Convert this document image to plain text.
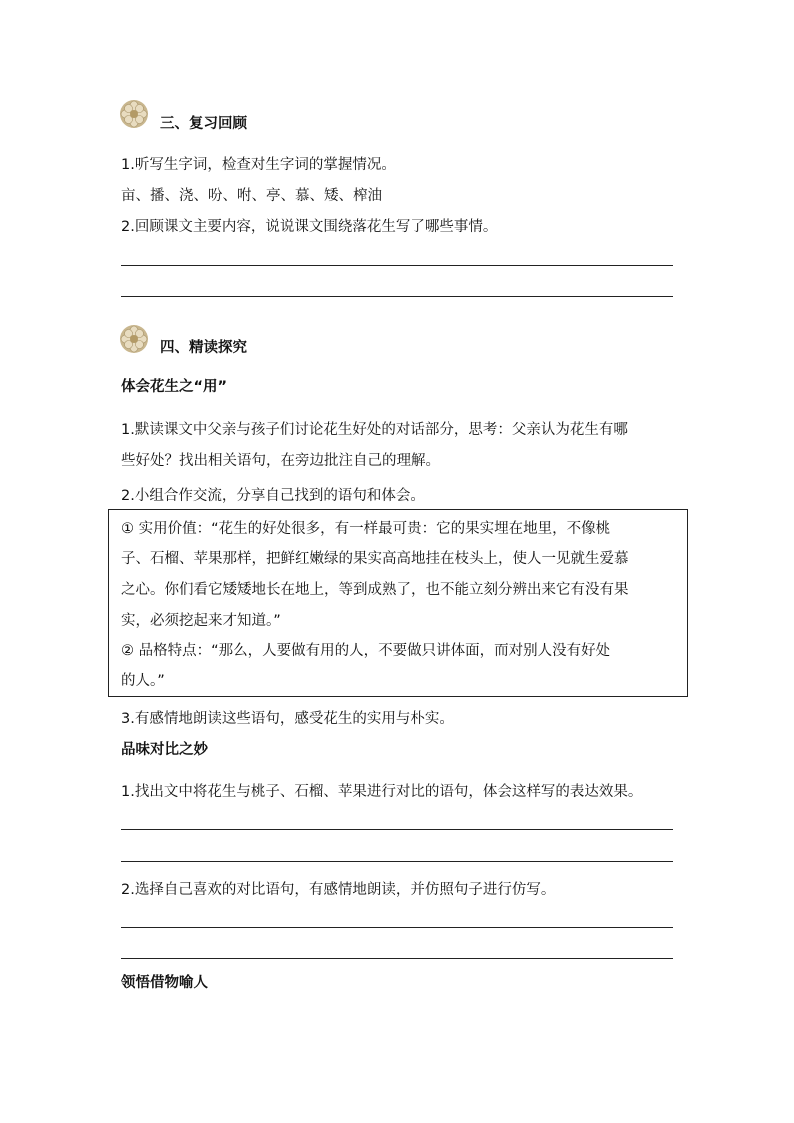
三、复习回顾
1.听写生字词，检查对生字词的掌握情况。
亩、播、浇、吩、咐、亭、慕、矮、榨油
2.回顾课文主要内容，说说课文围绕落花生写了哪些事情。
四、精读探究
体会花生之“用”
1.默读课文中父亲与孩子们讨论花生好处的对话部分，思考：父亲认为花生有哪
些好处？找出相关语句，在旁边批注自己的理解。
2.小组合作交流，分享自己找到的语句和体会。
① 实用价值：“花生的好处很多，有一样最可贵：它的果实埋在地里，不像桃
子、石榴、苹果那样，把鲜红嫩绿的果实高高地挂在枝头上，使人一见就生爱慕
之心。你们看它矮矮地长在地上，等到成熟了，也不能立刻分辨出来它有没有果
实，必须挖起来才知道。”
② 品格特点：“那么，人要做有用的人，不要做只讲体面，而对别人没有好处
的人。”
3.有感情地朗读这些语句，感受花生的实用与朴实。
品味对比之妙
1.找出文中将花生与桃子、石榴、苹果进行对比的语句，体会这样写的表达效果。
2.选择自己喜欢的对比语句，有感情地朗读，并仿照句子进行仿写。
领悟借物喻人
